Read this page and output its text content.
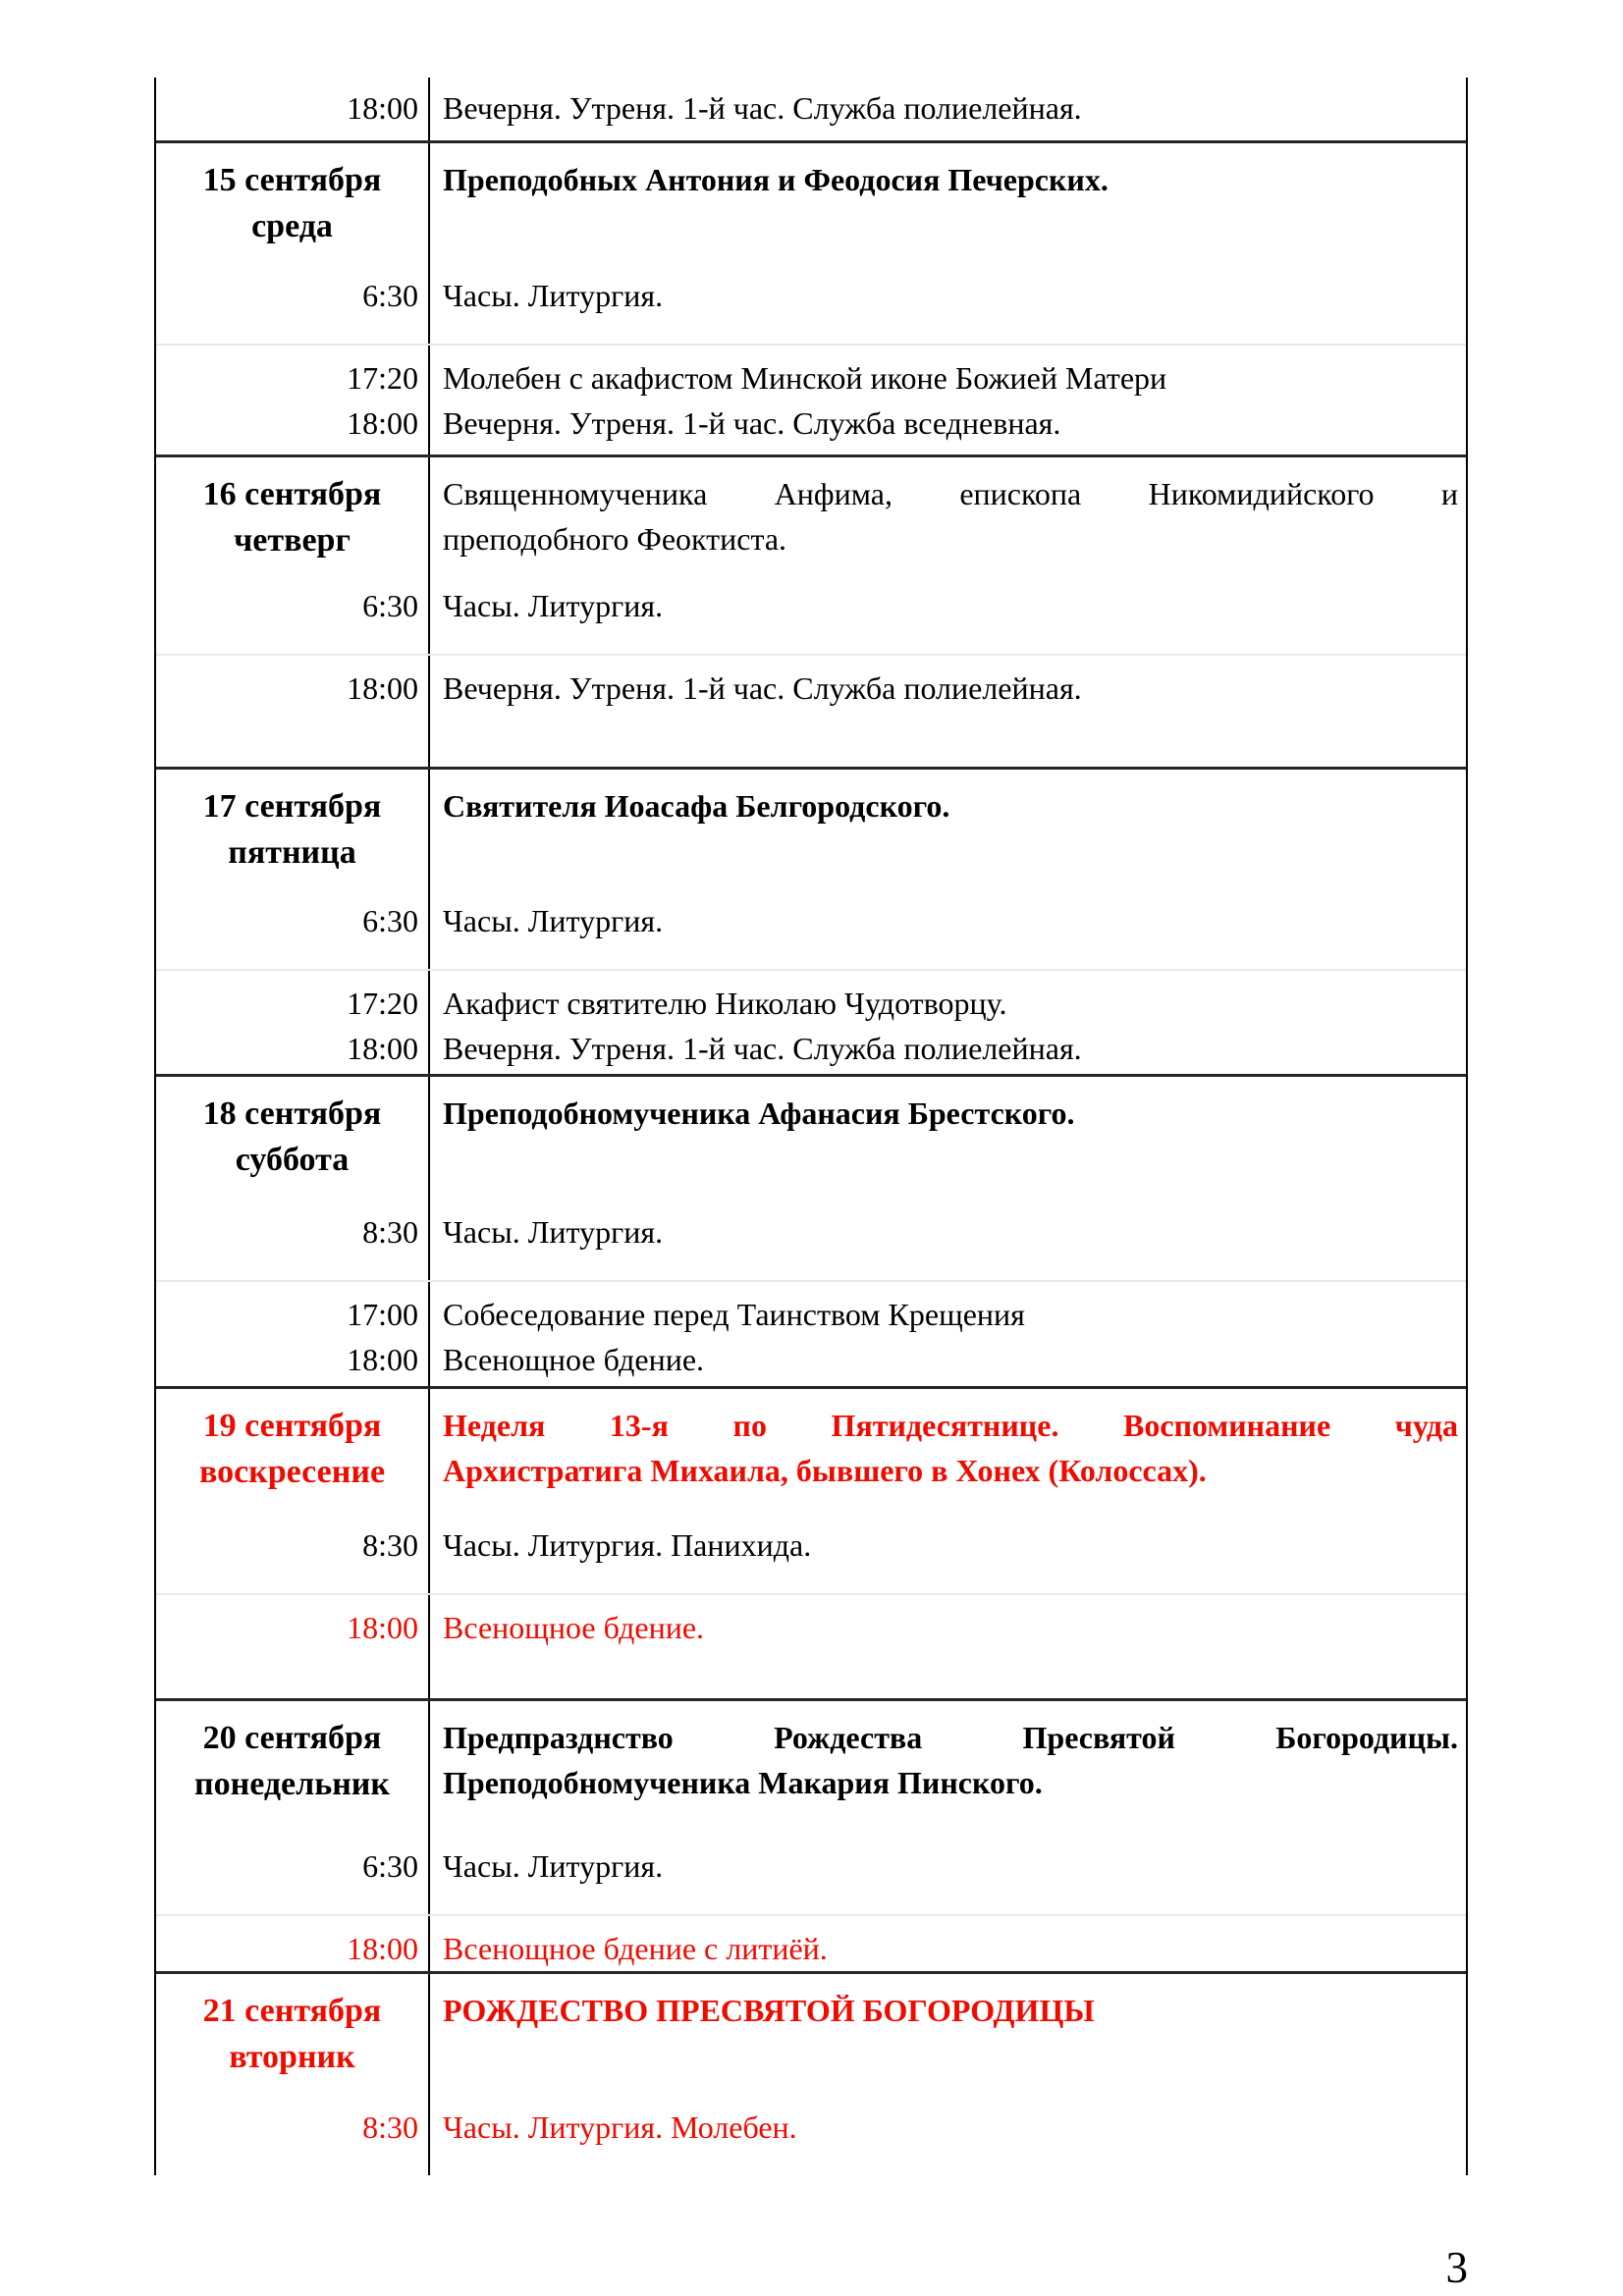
18:00 Вечерня. Утреня. 1-й час. Служба полиелейная.
15 сентября
среда
6:30
Преподобных Антония и Феодосия Печерских.
Часы. Литургия.
17:20
18:00
Молебен с акафистом Минской иконе Божией Матери
Вечерня. Утреня. 1-й час. Служба вседневная.
16 сентября
четверг
6:30
Священномученика Анфима, епископа Никомидийского и
преподобного Феоктиста.
Часы. Литургия.
18:00 Вечерня. Утреня. 1-й час. Служба полиелейная.
17 сентября
пятница
6:30
Святителя Иоасафа Белгородского.
Часы. Литургия.
17:20
18:00
Акафист святителю Николаю Чудотворцу.
Вечерня. Утреня. 1-й час. Служба полиелейная.
18 сентября
суббота
8:30
Преподобномученика Афанасия Брестского.
Часы. Литургия.
17:00
18:00
Собеседование перед Таинством Крещения
Всенощное бдение.
19 сентября
воскресение
8:30
Неделя 13-я по Пятидесятнице. Воспоминание чуда
Архистратига Михаила, бывшего в Хонех (Колоссах).
Часы. Литургия. Панихида.
18:00 Всенощное бдение.
20 сентября
понедельник
6:30
Предпразднство Рождества Пресвятой Богородицы.
Преподобномученика Макария Пинского.
Часы. Литургия.
18:00 Всенощное бдение с литиёй.
21 сентября
вторник
8:30
РОЖДЕСТВО ПРЕСВЯТОЙ БОГОРОДИЦЫ
Часы. Литургия. Молебен.
3
